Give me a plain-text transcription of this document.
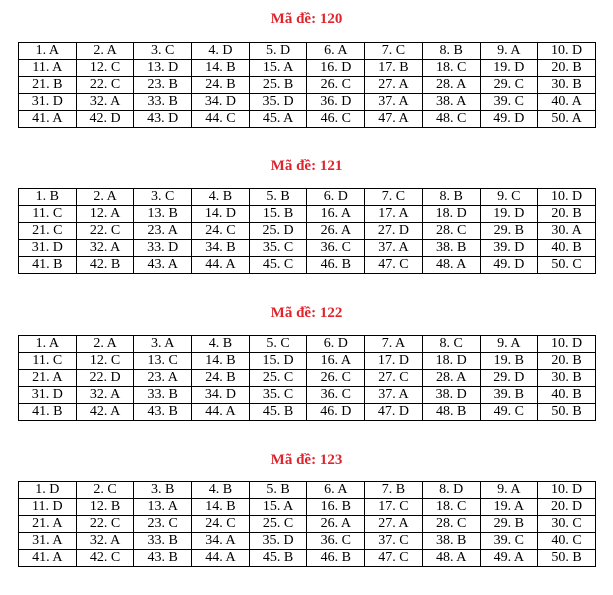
Mã đề: 120
1. A	2. A	3. C	4. D	5. D	6. A	7. C	8. B	9. A	10. D
11. A	12. C	13. D	14. B	15. A	16. D	17. B	18. C	19. D	20. B
21. B	22. C	23. B	24. B	25. B	26. C	27. A	28. A	29. C	30. B
31. D	32. A	33. B	34. D	35. D	36. D	37. A	38. A	39. C	40. A
41. A	42. D	43. D	44. C	45. A	46. C	47. A	48. C	49. D	50. A
Mã đề: 121
1. B	2. A	3. C	4. B	5. B	6. D	7. C	8. B	9. C	10. D
11. C	12. A	13. B	14. D	15. B	16. A	17. A	18. D	19. D	20. B
21. C	22. C	23. A	24. C	25. D	26. A	27. D	28. C	29. B	30. A
31. D	32. A	33. D	34. B	35. C	36. C	37. A	38. B	39. D	40. B
41. B	42. B	43. A	44. A	45. C	46. B	47. C	48. A	49. D	50. C
Mã đề: 122
1. A	2. A	3. A	4. B	5. C	6. D	7. A	8. C	9. A	10. D
11. C	12. C	13. C	14. B	15. D	16. A	17. D	18. D	19. B	20. B
21. A	22. D	23. A	24. B	25. C	26. C	27. C	28. A	29. D	30. B
31. D	32. A	33. B	34. D	35. C	36. C	37. A	38. D	39. B	40. B
41. B	42. A	43. B	44. A	45. B	46. D	47. D	48. B	49. C	50. B
Mã đề: 123
1. D	2. C	3. B	4. B	5. B	6. A	7. B	8. D	9. A	10. D
11. D	12. B	13. A	14. B	15. A	16. B	17. C	18. C	19. A	20. D
21. A	22. C	23. C	24. C	25. C	26. A	27. A	28. C	29. B	30. C
31. A	32. A	33. B	34. A	35. D	36. C	37. C	38. B	39. C	40. C
41. A	42. C	43. B	44. A	45. B	46. B	47. C	48. A	49. A	50. B
